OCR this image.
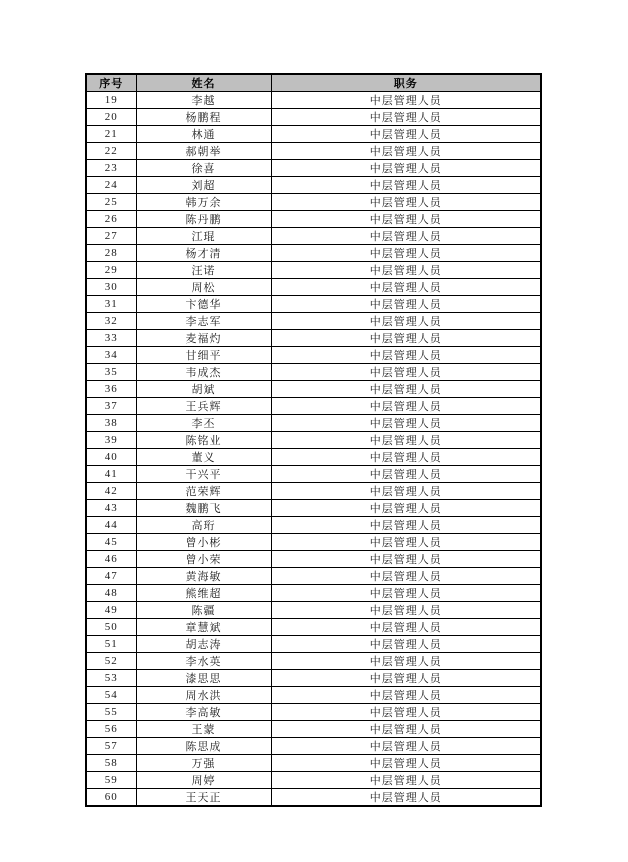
序号	姓名	职务
19	李越	中层管理人员
20	杨鹏程	中层管理人员
21	林通	中层管理人员
22	郝朝举	中层管理人员
23	徐喜	中层管理人员
24	刘超	中层管理人员
25	韩万余	中层管理人员
26	陈丹鹏	中层管理人员
27	江琨	中层管理人员
28	杨才清	中层管理人员
29	汪诺	中层管理人员
30	周松	中层管理人员
31	卞德华	中层管理人员
32	李志军	中层管理人员
33	麦福灼	中层管理人员
34	甘细平	中层管理人员
35	韦成杰	中层管理人员
36	胡斌	中层管理人员
37	王兵辉	中层管理人员
38	李丕	中层管理人员
39	陈铭业	中层管理人员
40	董义	中层管理人员
41	干兴平	中层管理人员
42	范荣辉	中层管理人员
43	魏鹏飞	中层管理人员
44	高珩	中层管理人员
45	曾小彬	中层管理人员
46	曾小荣	中层管理人员
47	黄海敏	中层管理人员
48	熊维超	中层管理人员
49	陈疆	中层管理人员
50	章慧斌	中层管理人员
51	胡志涛	中层管理人员
52	李水英	中层管理人员
53	漆思思	中层管理人员
54	周水洪	中层管理人员
55	李高敏	中层管理人员
56	王蒙	中层管理人员
57	陈思成	中层管理人员
58	万强	中层管理人员
59	周婷	中层管理人员
60	王天正	中层管理人员
